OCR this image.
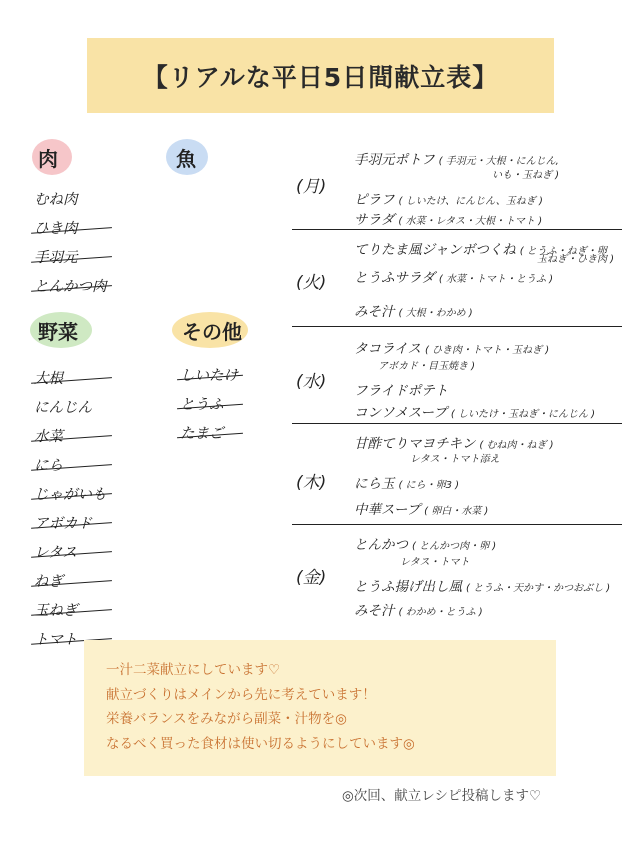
【リアルな平日5日間献立表】
肉
むね肉
ひき肉
手羽元
とんかつ肉
魚
野菜
大根
にんじん
水菜
にら
じゃがいも
アボカド
レタス
ねぎ
玉ねぎ
トマト
その他
しいたけ
とうふ
たまご
(月)
手羽元ポトフ ( 手羽元・大根・にんじん,
いも・玉ねぎ )
ピラフ ( しいたけ、にんじん、玉ねぎ )
サラダ ( 水菜・レタス・大根・トマト )
(火)
てりたま風ジャンボつくね ( とうふ・ねぎ・卵
玉ねぎ・ひき肉 )
とうふサラダ ( 水菜・トマト・とうふ )
みそ汁 ( 大根・わかめ )
(水)
タコライス ( ひき肉・トマト・玉ねぎ )
アボカド・目玉焼き )
フライドポテト
コンソメスープ ( しいたけ・玉ねぎ・にんじん )
(木)
甘酢てりマヨチキン ( むね肉・ねぎ )
レタス・トマト添え
にら玉 ( にら・卵3 )
中華スープ ( 卵白・水菜 )
(金)
とんかつ ( とんかつ肉・卵 )
レタス・トマト
とうふ揚げ出し風 ( とうふ・天かす・かつおぶし )
みそ汁 ( わかめ・とうふ )
一汁二菜献立にしています♡
献立づくりはメインから先に考えています！
栄養バランスをみながら副菜・汁物を◎
なるべく買った食材は使い切るようにしています◎
◎次回、献立レシピ投稿します♡
